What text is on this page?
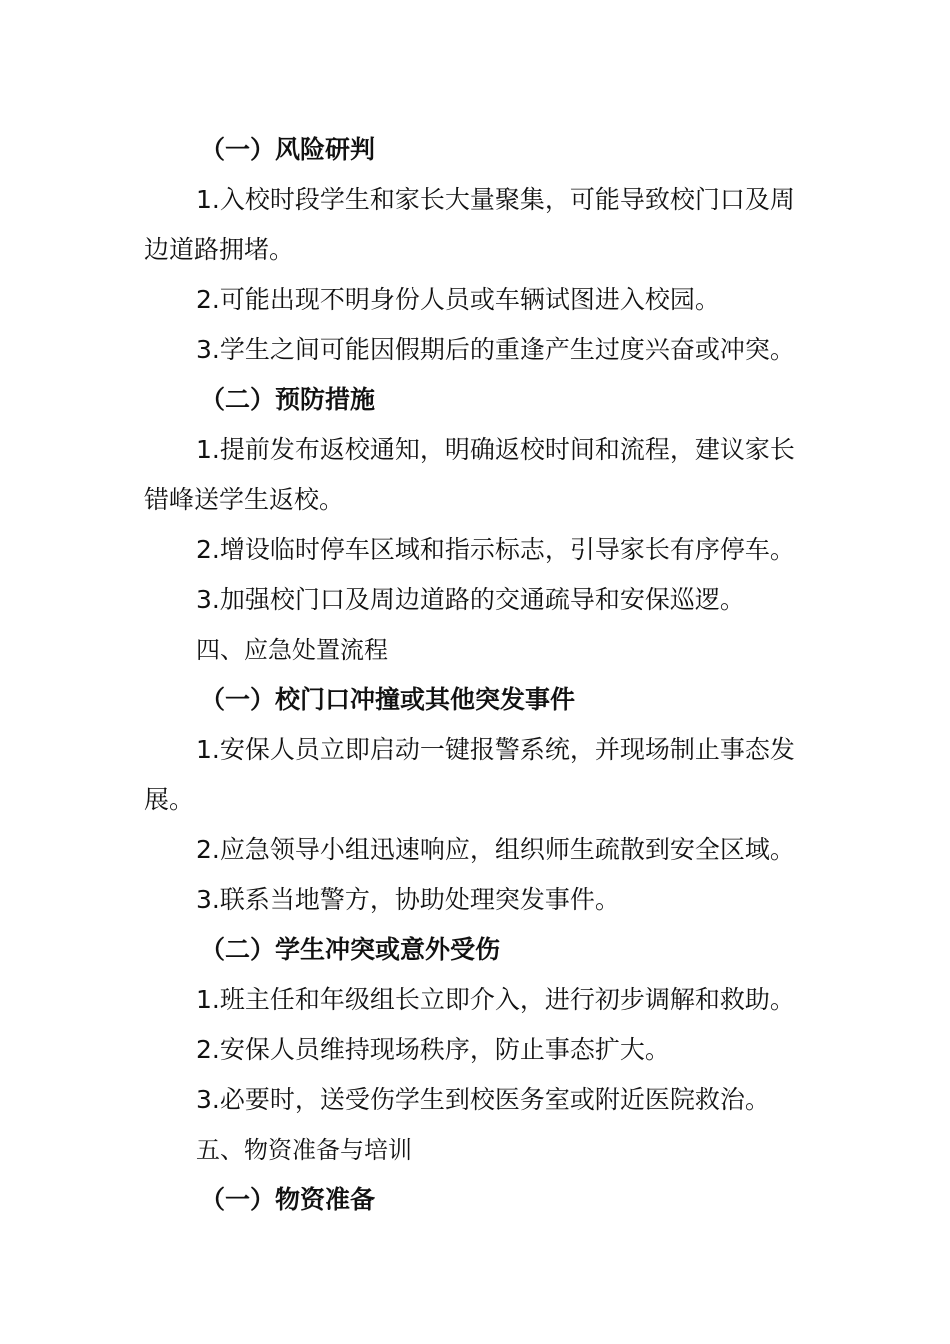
（一）风险研判
1.入校时段学生和家长大量聚集，可能导致校门口及周
边道路拥堵。
2.可能出现不明身份人员或车辆试图进入校园。
3.学生之间可能因假期后的重逢产生过度兴奋或冲突。
（二）预防措施
1.提前发布返校通知，明确返校时间和流程，建议家长
错峰送学生返校。
2.增设临时停车区域和指示标志，引导家长有序停车。
3.加强校门口及周边道路的交通疏导和安保巡逻。
四、应急处置流程
（一）校门口冲撞或其他突发事件
1.安保人员立即启动一键报警系统，并现场制止事态发
展。
2.应急领导小组迅速响应，组织师生疏散到安全区域。
3.联系当地警方，协助处理突发事件。
（二）学生冲突或意外受伤
1.班主任和年级组长立即介入，进行初步调解和救助。
2.安保人员维持现场秩序，防止事态扩大。
3.必要时，送受伤学生到校医务室或附近医院救治。
五、物资准备与培训
（一）物资准备
